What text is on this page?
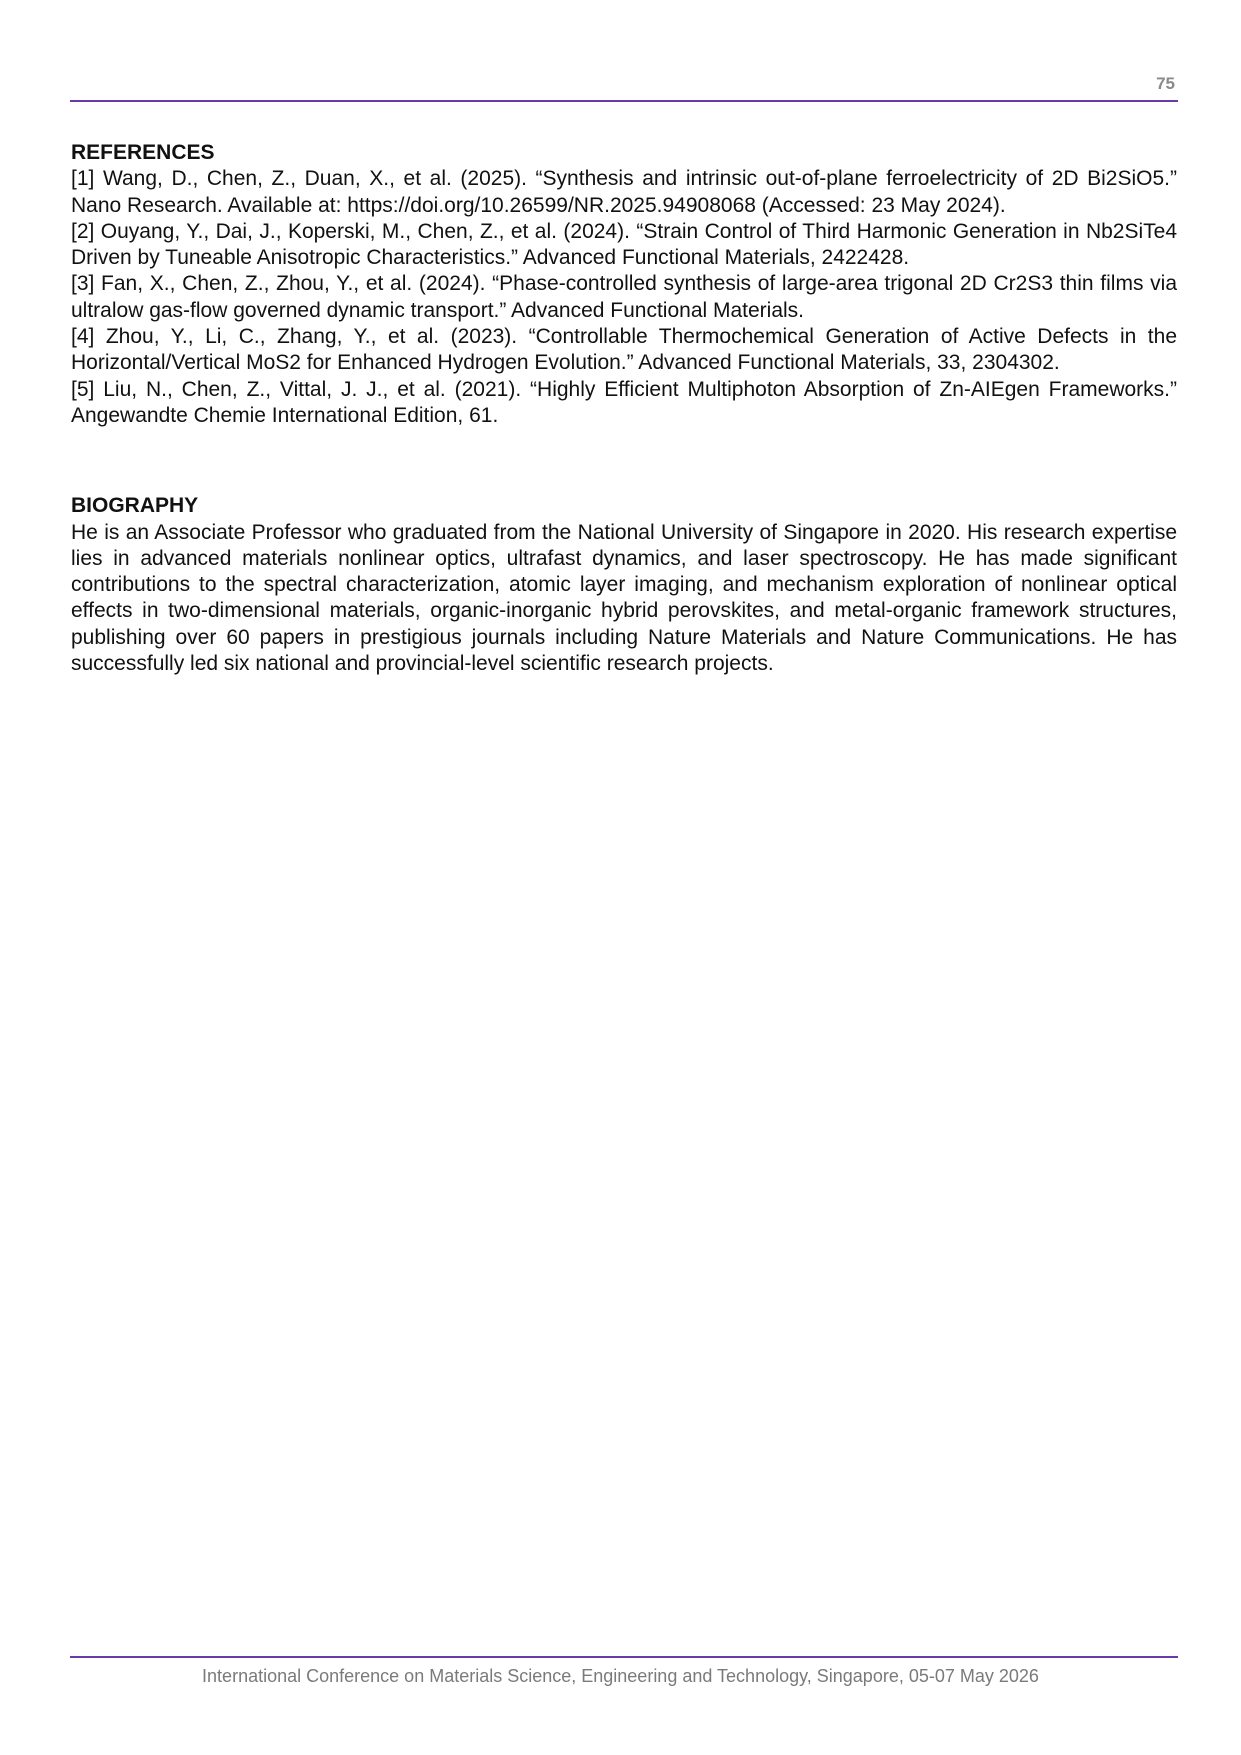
75
REFERENCES

[1] Wang, D., Chen, Z., Duan, X., et al. (2025). “Synthesis and intrinsic out-of-plane ferroelectricity of 2D Bi2SiO5.” Nano Research. Available at: https://doi.org/10.26599/NR.2025.94908068 (Accessed: 23 May 2024).

[2] Ouyang, Y., Dai, J., Koperski, M., Chen, Z., et al. (2024). “Strain Control of Third Harmonic Generation in Nb2SiTe4 Driven by Tuneable Anisotropic Characteristics.” Advanced Functional Materials, 2422428.

[3] Fan, X., Chen, Z., Zhou, Y., et al. (2024). “Phase-controlled synthesis of large-area trigonal 2D Cr2S3 thin films via ultralow gas-flow governed dynamic transport.” Advanced Functional Materials.

[4] Zhou, Y., Li, C., Zhang, Y., et al. (2023). “Controllable Thermochemical Generation of Active Defects in the Horizontal/Vertical MoS2 for Enhanced Hydrogen Evolution.” Advanced Functional Materials, 33, 2304302.

[5] Liu, N., Chen, Z., Vittal, J. J., et al. (2021). “Highly Efficient Multiphoton Absorption of Zn-AIEgen Frameworks.” Angewandte Chemie International Edition, 61.

BIOGRAPHY

He is an Associate Professor who graduated from the National University of Singapore in 2020. His research expertise lies in advanced materials nonlinear optics, ultrafast dynamics, and laser spectroscopy. He has made significant contributions to the spectral characterization, atomic layer imaging, and mechanism exploration of nonlinear optical effects in two-dimensional materials, organic-inorganic hybrid perovskites, and metal-organic framework structures, publishing over 60 papers in prestigious journals including Nature Materials and Nature Communications. He has successfully led six national and provincial-level scientific research projects.

International Conference on Materials Science, Engineering and Technology, Singapore, 05-07 May 2026
